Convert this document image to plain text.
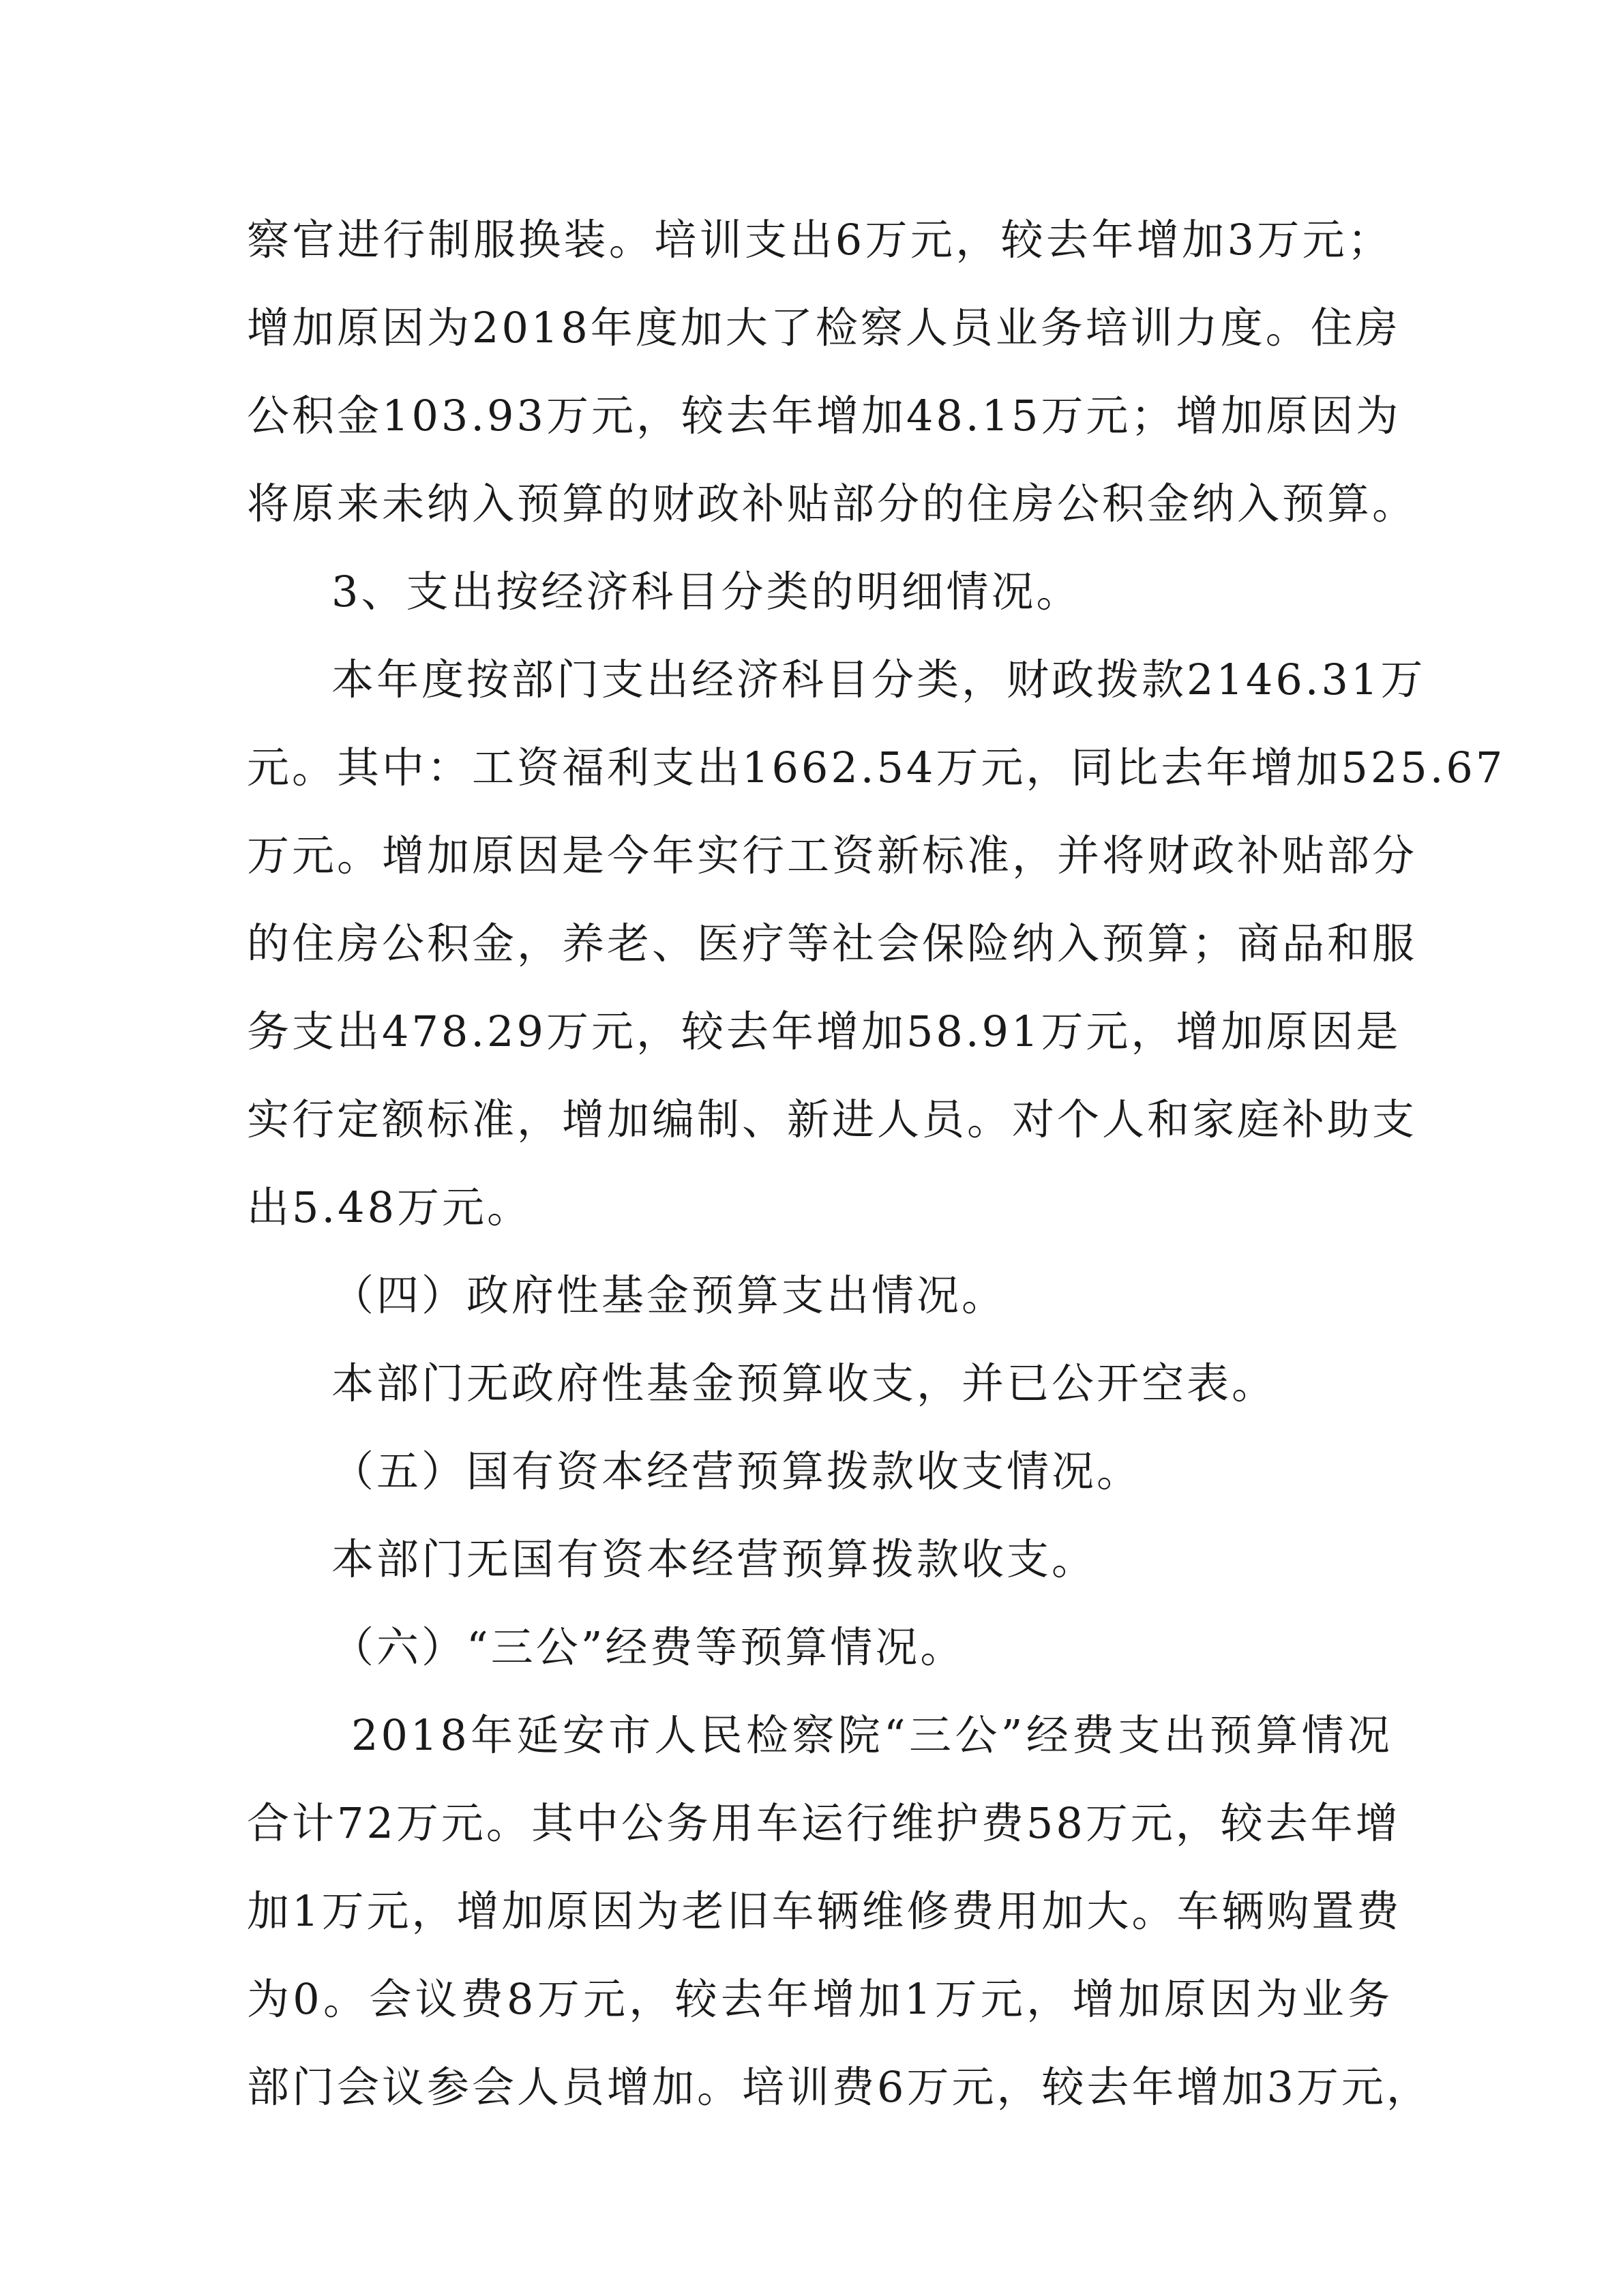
察官进行制服换装。培训支出6万元，较去年增加3万元；
增加原因为2018年度加大了检察人员业务培训力度。住房
公积金103.93万元，较去年增加48.15万元；增加原因为
将原来未纳入预算的财政补贴部分的住房公积金纳入预算。
3、支出按经济科目分类的明细情况。
本年度按部门支出经济科目分类，财政拨款2146.31万
元。其中：工资福利支出1662.54万元，同比去年增加525.67
万元。增加原因是今年实行工资新标准，并将财政补贴部分
的住房公积金，养老、医疗等社会保险纳入预算；商品和服
务支出478.29万元，较去年增加58.91万元，增加原因是
实行定额标准，增加编制、新进人员。对个人和家庭补助支
出5.48万元。
（四）政府性基金预算支出情况。
本部门无政府性基金预算收支，并已公开空表。
（五）国有资本经营预算拨款收支情况。
本部门无国有资本经营预算拨款收支。
（六）“三公”经费等预算情况。
2018年延安市人民检察院“三公”经费支出预算情况
合计72万元。其中公务用车运行维护费58万元，较去年增
加1万元，增加原因为老旧车辆维修费用加大。车辆购置费
为0。会议费8万元，较去年增加1万元，增加原因为业务
部门会议参会人员增加。培训费6万元，较去年增加3万元，
